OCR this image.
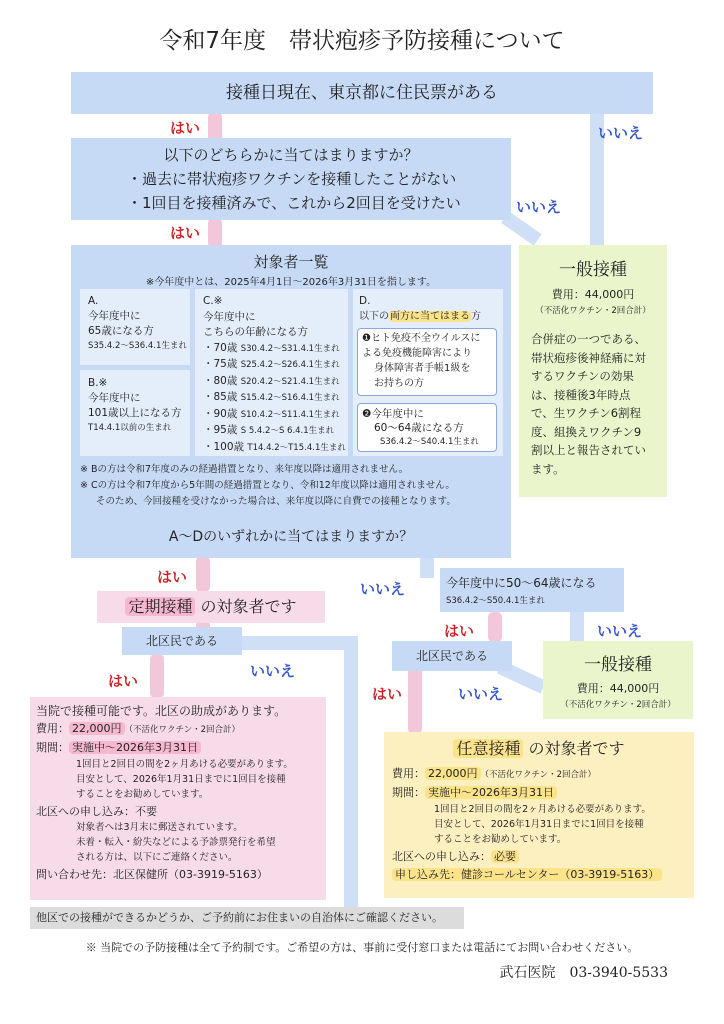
令和7年度　帯状疱疹予防接種について
接種日現在、東京都に住民票がある
はい	いいえ
以下のどちらかに当てはまりますか？
・過去に帯状疱疹ワクチンを接種したことがない
・1回目を接種済みで、これから2回目を受けたい
はい
いいえ
一般接種
費用：44,000円
（不活化ワクチン・2回合計）
合併症の一つである、
帯状疱疹後神経痛に対
するワクチンの効果
は、接種後3年時点
で、生ワクチン6割程
度、組換えワクチン9
割以上と報告されてい
ます。
対象者一覧
※今年度中とは、2025年4月1日〜2026年3月31日を指します。
A.
今年度中に
65歳になる方
S35.4.2〜S36.4.1生まれ
B.※
今年度中に
101歳以上になる方
T14.4.1以前の生まれ
C.※
今年度中に
こちらの年齢になる方
・70歳 S30.4.2〜S31.4.1生まれ
・75歳 S25.4.2〜S26.4.1生まれ
・80歳 S20.4.2〜S21.4.1生まれ
・85歳 S15.4.2〜S16.4.1生まれ
・90歳 S10.4.2〜S11.4.1生まれ
・95歳 S 5.4.2〜S 6.4.1生まれ
・100歳 T14.4.2〜T15.4.1生まれ
D.
以下の両方に当てはまる方
❶ヒト免疫不全ウイルスに
よる免疫機能障害により
身体障害者手帳1級を
お持ちの方
❷今年度中に
60〜64歳になる方
S36.4.2〜S40.4.1生まれ
※ Bの方は令和7年度のみの経過措置となり、来年度以降は適用されません。
※ Cの方は令和7年度から5年間の経過措置となり、令和12年度以降は適用されません。
そのため、今回接種を受けなかった場合は、来年度以降に自費での接種となります。
A〜Dのいずれかに当てはまりますか？
はい
定期接種 の対象者です
いいえ	今年度中に50〜64歳になる
S36.4.2〜S50.4.1生まれ
北区民である
はい
いいえ
はい	いいえ
北区民である
はい	いいえ
一般接種
費用：44,000円
（不活化ワクチン・2回合計）
当院で接種可能です。北区の助成があります。
費用： 22,000円 （不活化ワクチン・2回合計）
期間： 実施中〜2026年3月31日
1回目と2回目の間を2ヶ月あける必要があります。
目安として、2026年1月31日までに1回目を接種
することをお勧めしています。
北区への申し込み：不要
対象者へは3月末に郵送されています。
未着・転入・紛失などによる予診票発行を希望
される方は、以下にご連絡ください。
問い合わせ先：北区保健所（03-3919-5163）
任意接種 の対象者です
費用： 22,000円 （不活化ワクチン・2回合計）
期間： 実施中〜2026年3月31日
1回目と2回目の間を2ヶ月あける必要があります。
目安として、2026年1月31日までに1回目を接種
することをお勧めしています。
北区への申し込み： 必要
申し込み先：健診コールセンター（03-3919-5163）
他区での接種ができるかどうか、ご予約前にお住まいの自治体にご確認ください。
※ 当院での予防接種は全て予約制です。ご希望の方は、事前に受付窓口または電話にてお問い合わせください。
武石医院　03-3940-5533
